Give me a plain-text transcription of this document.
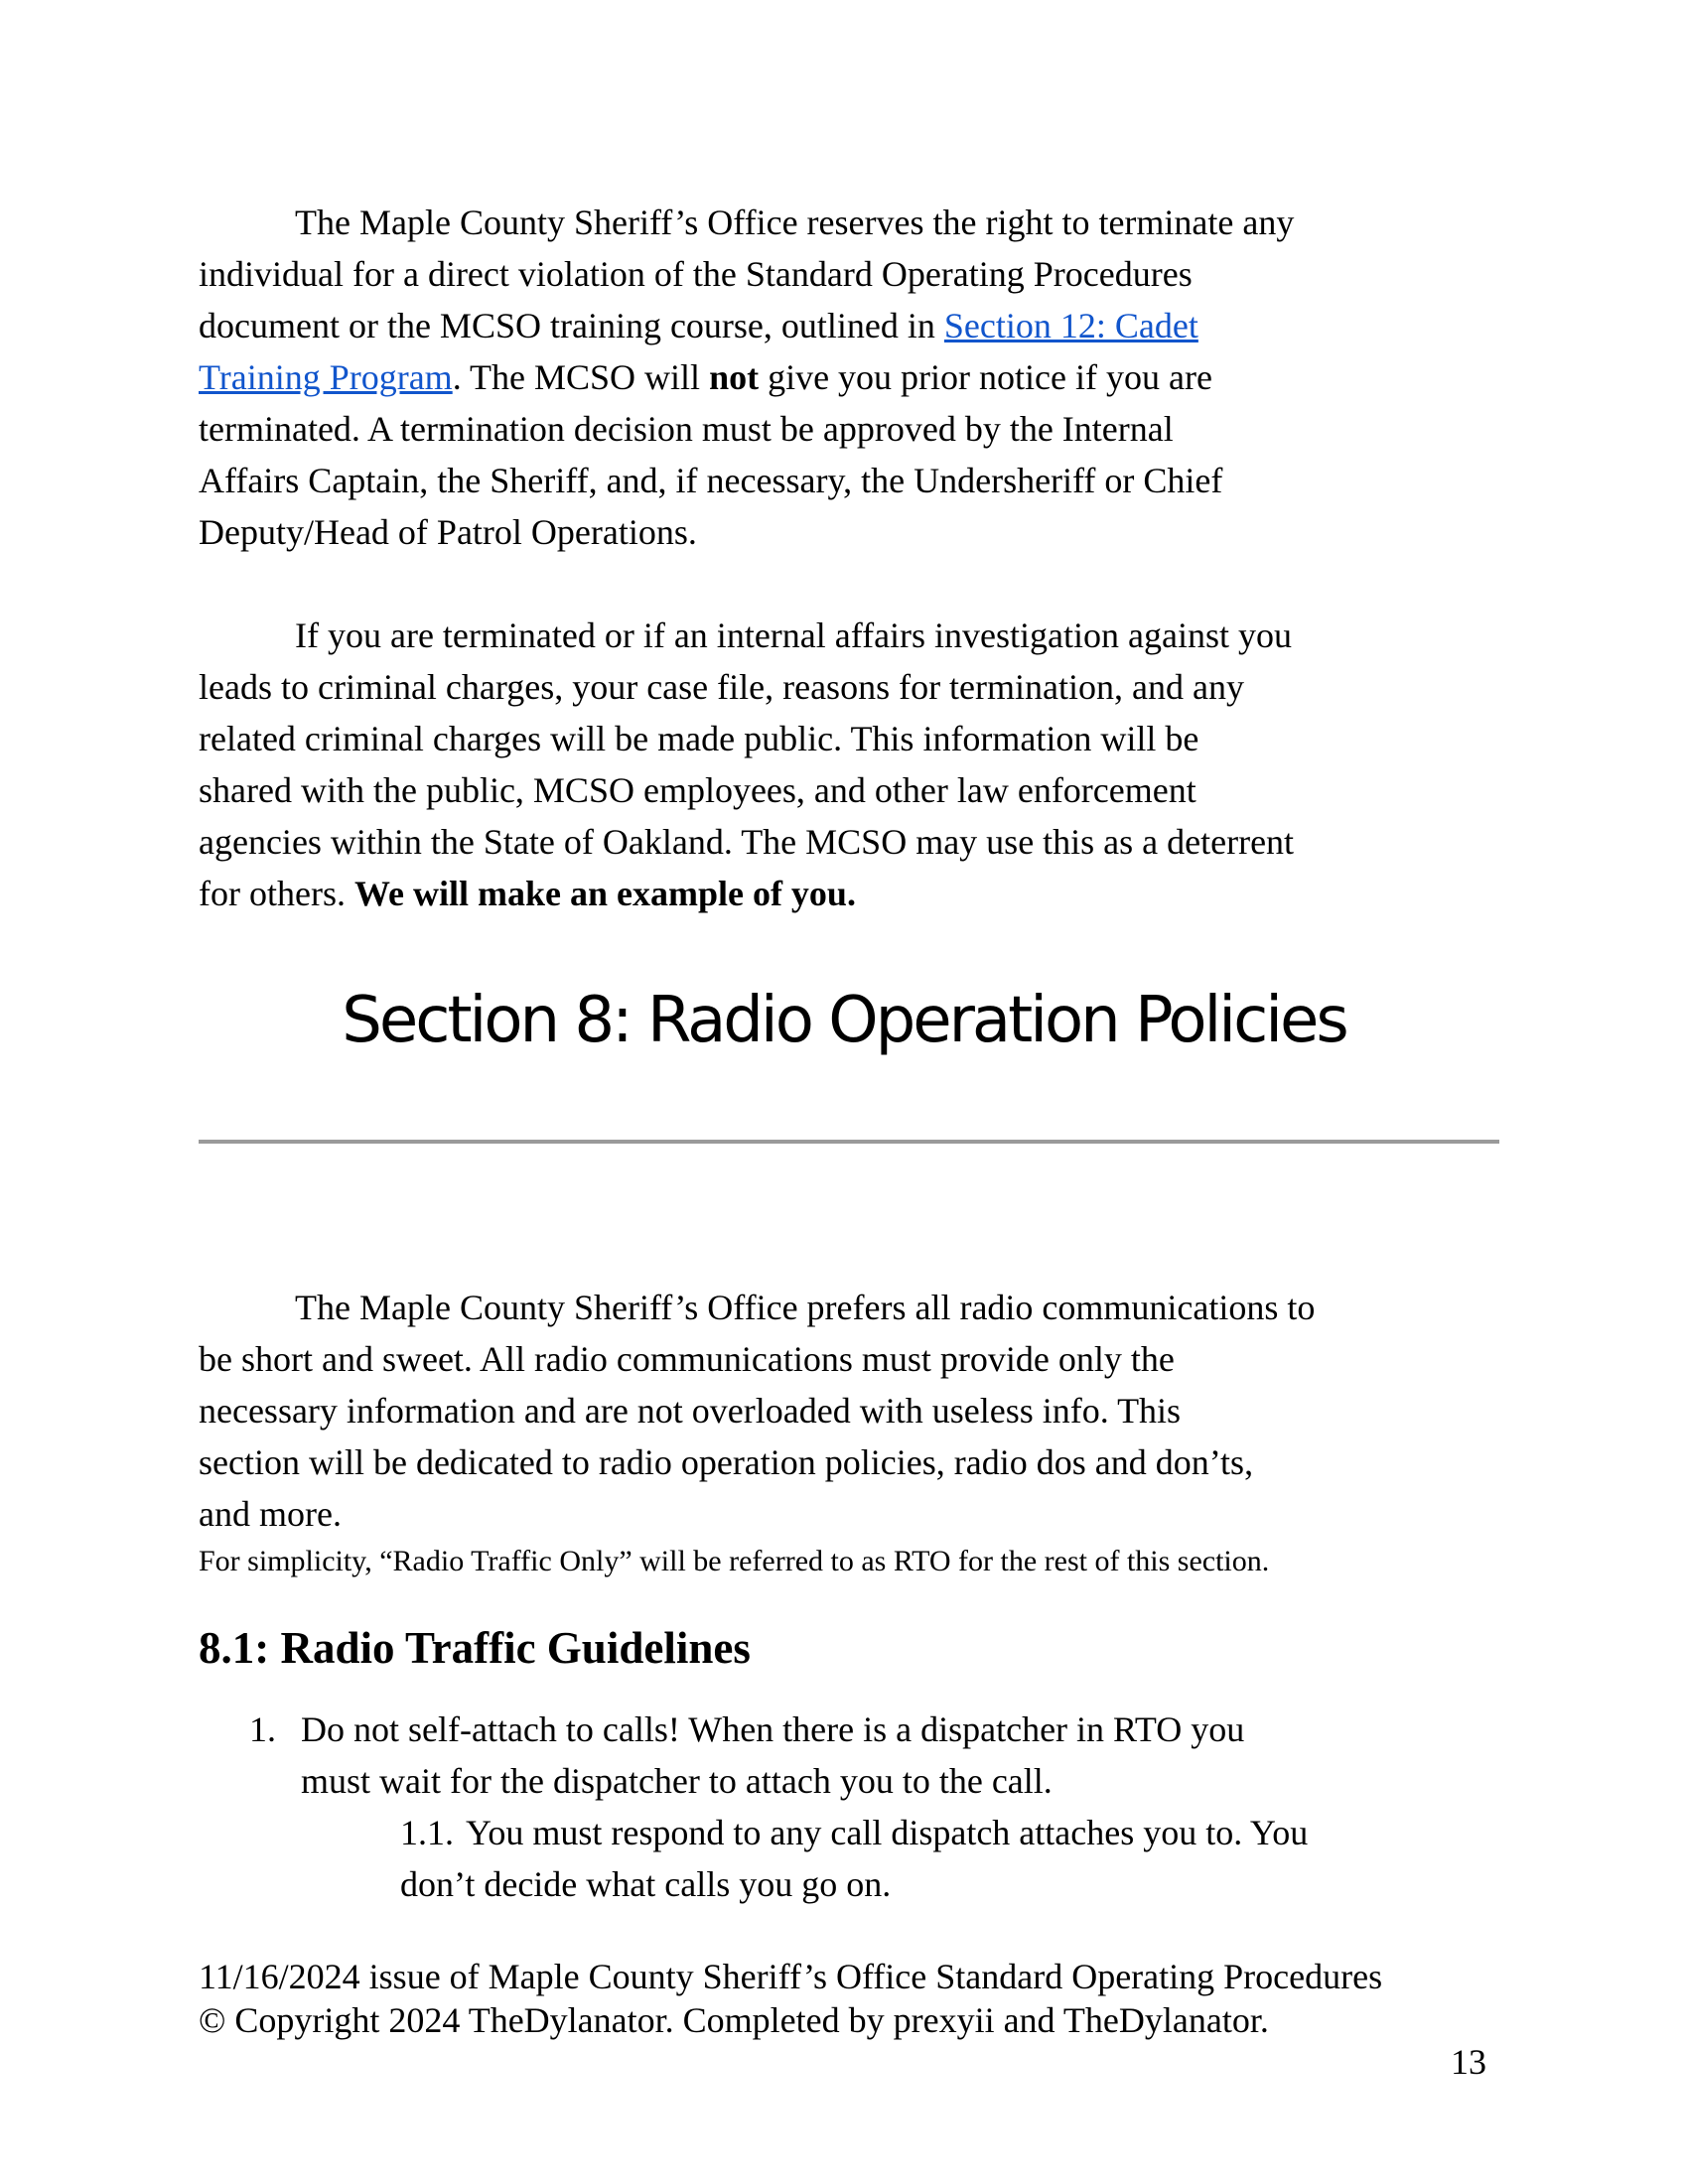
The Maple County Sheriff’s Office reserves the right to terminate any
individual for a direct violation of the Standard Operating Procedures
document or the MCSO training course, outlined in Section 12: Cadet
Training Program. The MCSO will not give you prior notice if you are
terminated. A termination decision must be approved by the Internal
Affairs Captain, the Sheriff, and, if necessary, the Undersheriff or Chief
Deputy/Head of Patrol Operations.
If you are terminated or if an internal affairs investigation against you
leads to criminal charges, your case file, reasons for termination, and any
related criminal charges will be made public. This information will be
shared with the public, MCSO employees, and other law enforcement
agencies within the State of Oakland. The MCSO may use this as a deterrent
for others. We will make an example of you.
Section 8: Radio Operation Policies
The Maple County Sheriff’s Office prefers all radio communications to
be short and sweet. All radio communications must provide only the
necessary information and are not overloaded with useless info. This
section will be dedicated to radio operation policies, radio dos and don’ts,
and more.
For simplicity, “Radio Traffic Only” will be referred to as RTO for the rest of this section.
8.1: Radio Traffic Guidelines
1. Do not self-attach to calls! When there is a dispatcher in RTO you
must wait for the dispatcher to attach you to the call.
1.1. You must respond to any call dispatch attaches you to. You
don’t decide what calls you go on.
11/16/2024 issue of Maple County Sheriff’s Office Standard Operating Procedures
© Copyright 2024 TheDylanator. Completed by prexyii and TheDylanator.
13
